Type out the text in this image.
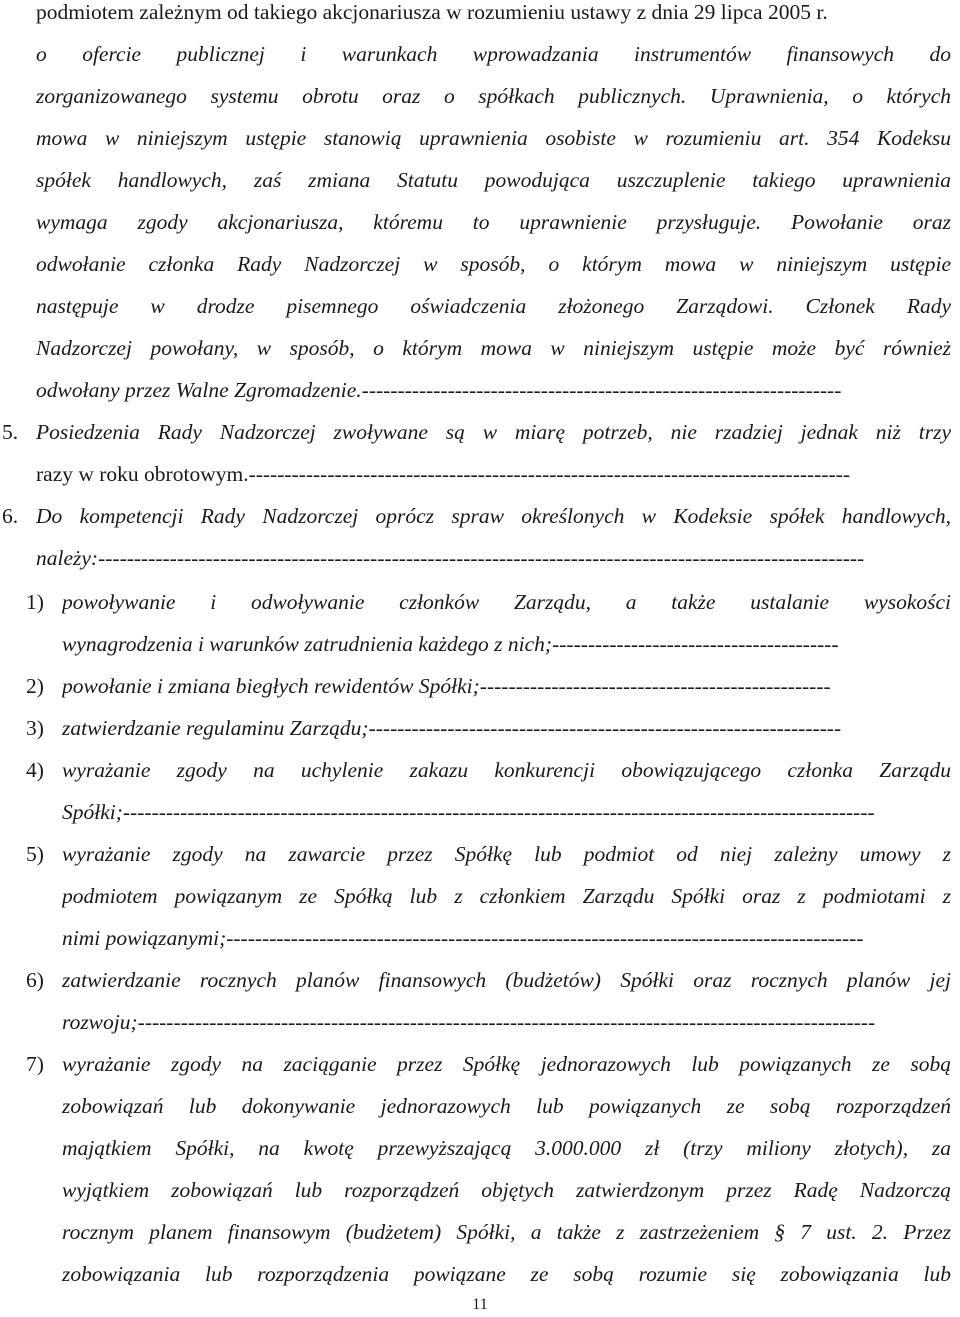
podmiotem zależnym od takiego akcjonariusza w rozumieniu ustawy z dnia 29 lipca 2005 r.
o ofercie publicznej i warunkach wprowadzania instrumentów finansowych do
zorganizowanego systemu obrotu oraz o spółkach publicznych. Uprawnienia, o których
mowa w niniejszym ustępie stanowią uprawnienia osobiste w rozumieniu art. 354 Kodeksu
spółek handlowych, zaś zmiana Statutu powodująca uszczuplenie takiego uprawnienia
wymaga zgody akcjonariusza, któremu to uprawnienie przysługuje. Powołanie oraz
odwołanie członka Rady Nadzorczej w sposób, o którym mowa w niniejszym ustępie
następuje w drodze pisemnego oświadczenia złożonego Zarządowi. Członek Rady
Nadzorczej powołany, w sposób, o którym mowa w niniejszym ustępie może być również
odwołany przez Walne Zgromadzenie.-------------------------------------------------------------------
5. Posiedzenia Rady Nadzorczej zwoływane są w miarę potrzeb, nie rzadziej jednak niż trzy
razy w roku obrotowym.------------------------------------------------------------------------------------
6. Do kompetencji Rady Nadzorczej oprócz spraw określonych w Kodeksie spółek handlowych,
należy:-----------------------------------------------------------------------------------------------------------
1) powoływanie i odwoływanie członków Zarządu, a także ustalanie wysokości
wynagrodzenia i warunków zatrudnienia każdego z nich;----------------------------------------
2) powołanie i zmiana biegłych rewidentów Spółki;-------------------------------------------------
3) zatwierdzanie regulaminu Zarządu;------------------------------------------------------------------
4) wyrażanie zgody na uchylenie zakazu konkurencji obowiązującego członka Zarządu
Spółki;---------------------------------------------------------------------------------------------------------
5) wyrażanie zgody na zawarcie przez Spółkę lub podmiot od niej zależny umowy z
podmiotem powiązanym ze Spółką lub z członkiem Zarządu Spółki oraz z podmiotami z
nimi powiązanymi;-----------------------------------------------------------------------------------------
6) zatwierdzanie rocznych planów finansowych (budżetów) Spółki oraz rocznych planów jej
rozwoju;-------------------------------------------------------------------------------------------------------
7) wyrażanie zgody na zaciąganie przez Spółkę jednorazowych lub powiązanych ze sobą
zobowiązań lub dokonywanie jednorazowych lub powiązanych ze sobą rozporządzeń
majątkiem Spółki, na kwotę przewyższającą 3.000.000 zł (trzy miliony złotych), za
wyjątkiem zobowiązań lub rozporządzeń objętych zatwierdzonym przez Radę Nadzorczą
rocznym planem finansowym (budżetem) Spółki, a także z zastrzeżeniem § 7 ust. 2. Przez
zobowiązania lub rozporządzenia powiązane ze sobą rozumie się zobowiązania lub
11
